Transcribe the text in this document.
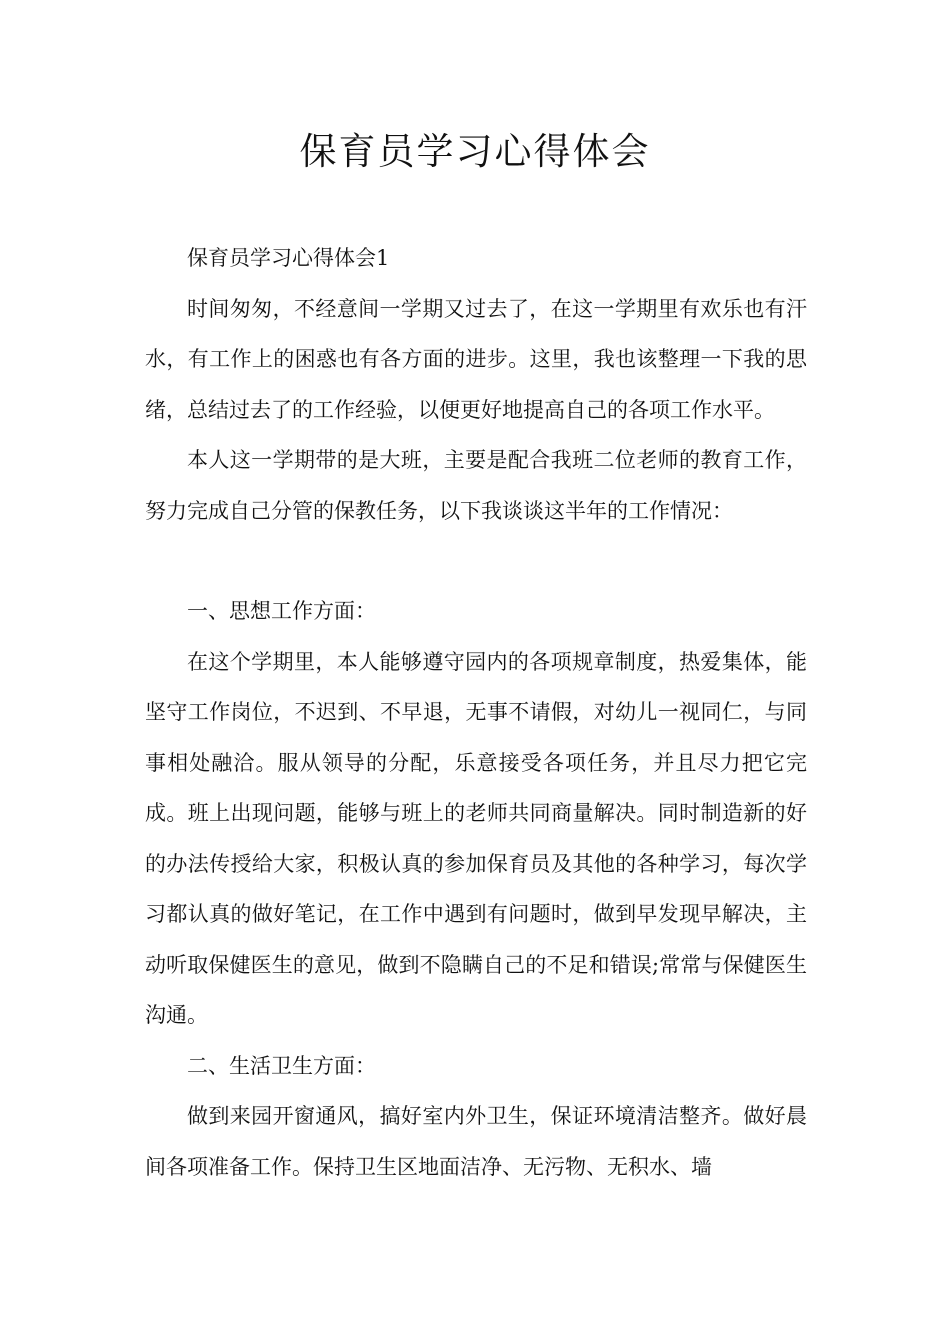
保育员学习心得体会

保育员学习心得体会1

时间匆匆，不经意间一学期又过去了，在这一学期里有欢乐也有汗水，有工作上的困惑也有各方面的进步。这里，我也该整理一下我的思绪，总结过去了的工作经验，以便更好地提高自己的各项工作水平。

本人这一学期带的是大班，主要是配合我班二位老师的教育工作，努力完成自己分管的保教任务，以下我谈谈这半年的工作情况：

一、思想工作方面：

在这个学期里，本人能够遵守园内的各项规章制度，热爱集体，能坚守工作岗位，不迟到、不早退，无事不请假，对幼儿一视同仁，与同事相处融洽。服从领导的分配，乐意接受各项任务，并且尽力把它完成。班上出现问题，能够与班上的老师共同商量解决。同时制造新的好的办法传授给大家，积极认真的参加保育员及其他的各种学习，每次学习都认真的做好笔记，在工作中遇到有问题时，做到早发现早解决，主动听取保健医生的意见，做到不隐瞒自己的不足和错误;常常与保健医生沟通。

二、生活卫生方面：

做到来园开窗通风，搞好室内外卫生，保证环境清洁整齐。做好晨间各项准备工作。保持卫生区地面洁净、无污物、无积水、墙
